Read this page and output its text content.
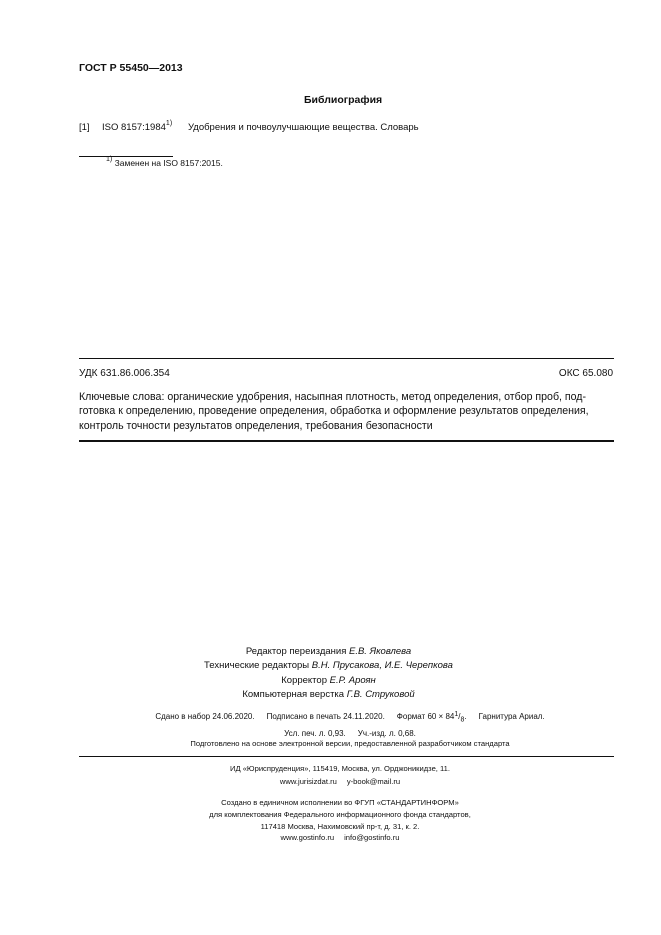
ГОСТ Р 55450—2013
Библиография
[1] ISO 8157:1984$^{1)}$ Удобрения и почвоулучшающие вещества. Словарь
$^{1)}$ Заменен на ISO 8157:2015.
УДК 631.86.006.354	ОКС 65.080
Ключевые слова: органические удобрения, насыпная плотность, метод определения, отбор проб, под-готовка к определению, проведение определения, обработка и оформление результатов определения, контроль точности результатов определения, требования безопасности
Редактор переиздания Е.В. Яковлева
Технические редакторы В.Н. Прусакова, И.Е. Черепкова
Корректор Е.Р. Ароян
Компьютерная верстка Г.В. Струковой
Сдано в набор 24.06.2020. Подписано в печать 24.11.2020. Формат $60 \times 84^1/_8$. Гарнитура Ариал.
Усл. печ. л. 0,93. Уч.-изд. л. 0,68.
Подготовлено на основе электронной версии, предоставленной разработчиком стандарта
ИД «Юриспруденция», 115419, Москва, ул. Орджоникидзе, 11.
www.jurisizdat.ru y-book@mail.ru
Создано в единичном исполнении во ФГУП «СТАНДАРТИНФОРМ»
для комплектования Федерального информационного фонда стандартов,
117418 Москва, Нахимовский пр-т, д. 31, к. 2.
www.gostinfo.ru info@gostinfo.ru
